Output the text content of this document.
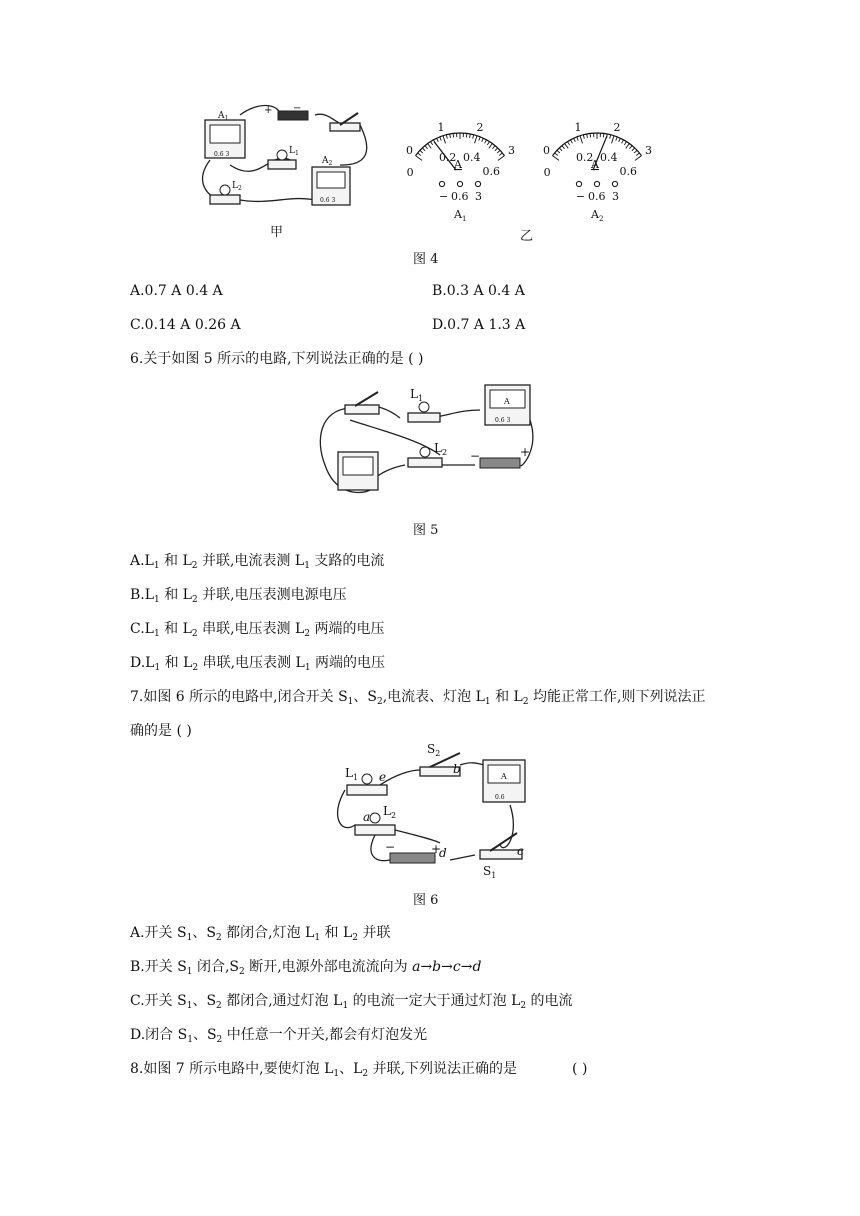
$A_1$
0.6 3
+ −
$L_1$
$A_2$
0.6 3
$L_2$
0
1	2
3
0
0.2 0.4
0.6
A
− 0.6 3
$A_1$
0
1	2
3
0
0.2 0.4
0.6
A
− 0.6 3
$A_2$
甲	乙
图 4
A.0.7 A 0.4 A	B.0.3 A 0.4 A
C.0.14 A 0.26 A	D.0.7 A 1.3 A
6.关于如图 5 所示的电路,下列说法正确的是 ( )
$L_1$	A
0.6 3
$L_2$ −	+
图 5
$A.L_1$ 和 $L_2$ 并联,电流表测 $L_1$ 支路的电流
$B.L_1$ 和 $L_2$ 并联,电压表测电源电压
$C.L_1$ 和 $L_2$ 串联,电压表测 $L_2$ 两端的电压
$D.L_1$ 和 $L_2$ 串联,电压表测 $L_1$ 两端的电压
7.如图 6 所示的电路中,闭合开关 $S_1$、$S_2$,电流表、灯泡 $L_1$ 和 $L_2$ 均能正常工作,则下列说法正
确的是 ( )
$L_1$ e
$S_2$
b
A
0.6
a $L_2$
−	+
d	c
$S_1$
图 6
A.开关 $S_1$、$S_2$ 都闭合,灯泡 $L_1$ 和 $L_2$ 并联
B.开关 $S_1$ 闭合$,S_2$ 断开,电源外部电流流向为 a→b→c→d
C.开关 $S_1$、$S_2$ 都闭合,通过灯泡 $L_1$ 的电流一定大于通过灯泡 $L_2$ 的电流
D.闭合 $S_1$、$S_2$ 中任意一个开关,都会有灯泡发光
8.如图 7 所示电路中,要使灯泡 $L_1$、$L_2$ 并联,下列说法正确的是	( )
